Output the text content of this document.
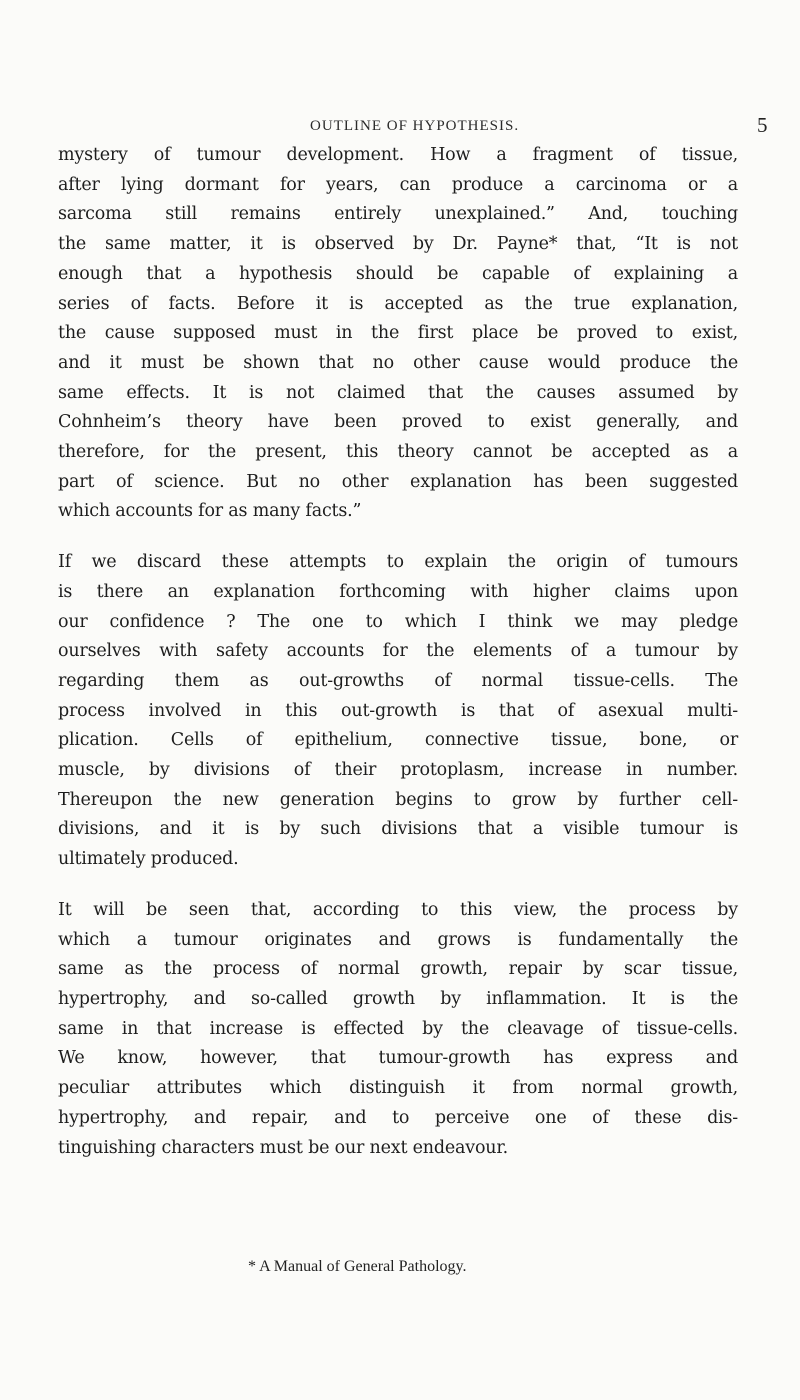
OUTLINE OF HYPOTHESIS.	5
mystery of tumour development. How a fragment of tissue,
after lying dormant for years, can produce a carcinoma or a
sarcoma still remains entirely unexplained.” And, touching
the same matter, it is observed by Dr. Payne* that, “It is not
enough that a hypothesis should be capable of explaining a
series of facts. Before it is accepted as the true explanation,
the cause supposed must in the first place be proved to exist,
and it must be shown that no other cause would produce the
same effects. It is not claimed that the causes assumed by
Cohnheim’s theory have been proved to exist generally, and
therefore, for the present, this theory cannot be accepted as a
part of science. But no other explanation has been suggested
which accounts for as many facts.”
If we discard these attempts to explain the origin of tumours
is there an explanation forthcoming with higher claims upon
our confidence ? The one to which I think we may pledge
ourselves with safety accounts for the elements of a tumour by
regarding them as out-growths of normal tissue-cells. The
process involved in this out-growth is that of asexual multi-
plication. Cells of epithelium, connective tissue, bone, or
muscle, by divisions of their protoplasm, increase in number.
Thereupon the new generation begins to grow by further cell-
divisions, and it is by such divisions that a visible tumour is
ultimately produced.
It will be seen that, according to this view, the process by
which a tumour originates and grows is fundamentally the
same as the process of normal growth, repair by scar tissue,
hypertrophy, and so-called growth by inflammation. It is the
same in that increase is effected by the cleavage of tissue-cells.
We know, however, that tumour-growth has express and
peculiar attributes which distinguish it from normal growth,
hypertrophy, and repair, and to perceive one of these dis-
tinguishing characters must be our next endeavour.
* A Manual of General Pathology.
